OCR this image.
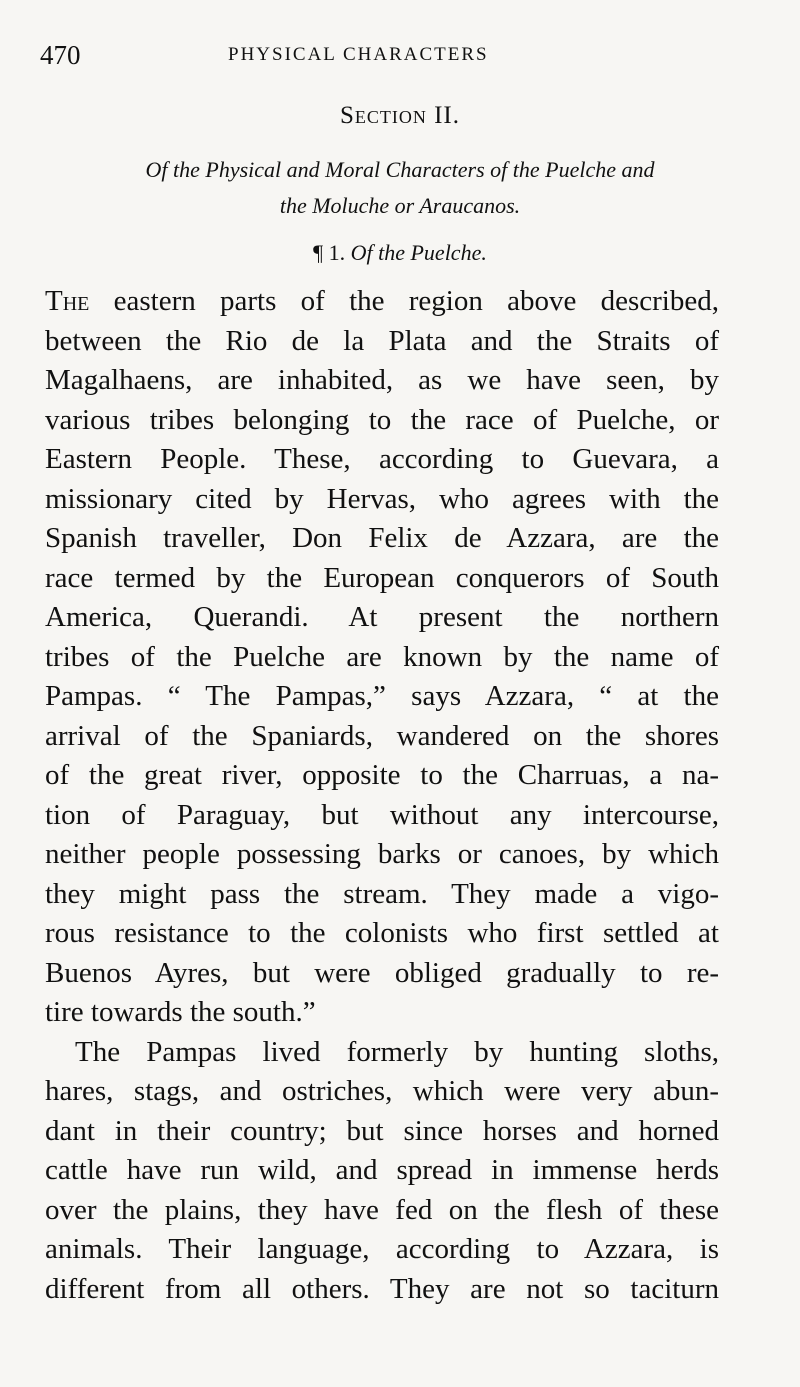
470	PHYSICAL CHARACTERS
Section II.
Of the Physical and Moral Characters of the Puelche and
the Moluche or Araucanos.
¶ 1. Of the Puelche.
The eastern parts of the region above described,
between the Rio de la Plata and the Straits of
Magalhaens, are inhabited, as we have seen, by
various tribes belonging to the race of Puelche, or
Eastern People. These, according to Guevara, a
missionary cited by Hervas, who agrees with the
Spanish traveller, Don Felix de Azzara, are the
race termed by the European conquerors of South
America, Querandi. At present the northern
tribes of the Puelche are known by the name of
Pampas. “ The Pampas,” says Azzara, “ at the
arrival of the Spaniards, wandered on the shores
of the great river, opposite to the Charruas, a na-
tion of Paraguay, but without any intercourse,
neither people possessing barks or canoes, by which
they might pass the stream. They made a vigo-
rous resistance to the colonists who first settled at
Buenos Ayres, but were obliged gradually to re-
tire towards the south.”
The Pampas lived formerly by hunting sloths,
hares, stags, and ostriches, which were very abun-
dant in their country; but since horses and horned
cattle have run wild, and spread in immense herds
over the plains, they have fed on the flesh of these
animals. Their language, according to Azzara, is
different from all others. They are not so taciturn
